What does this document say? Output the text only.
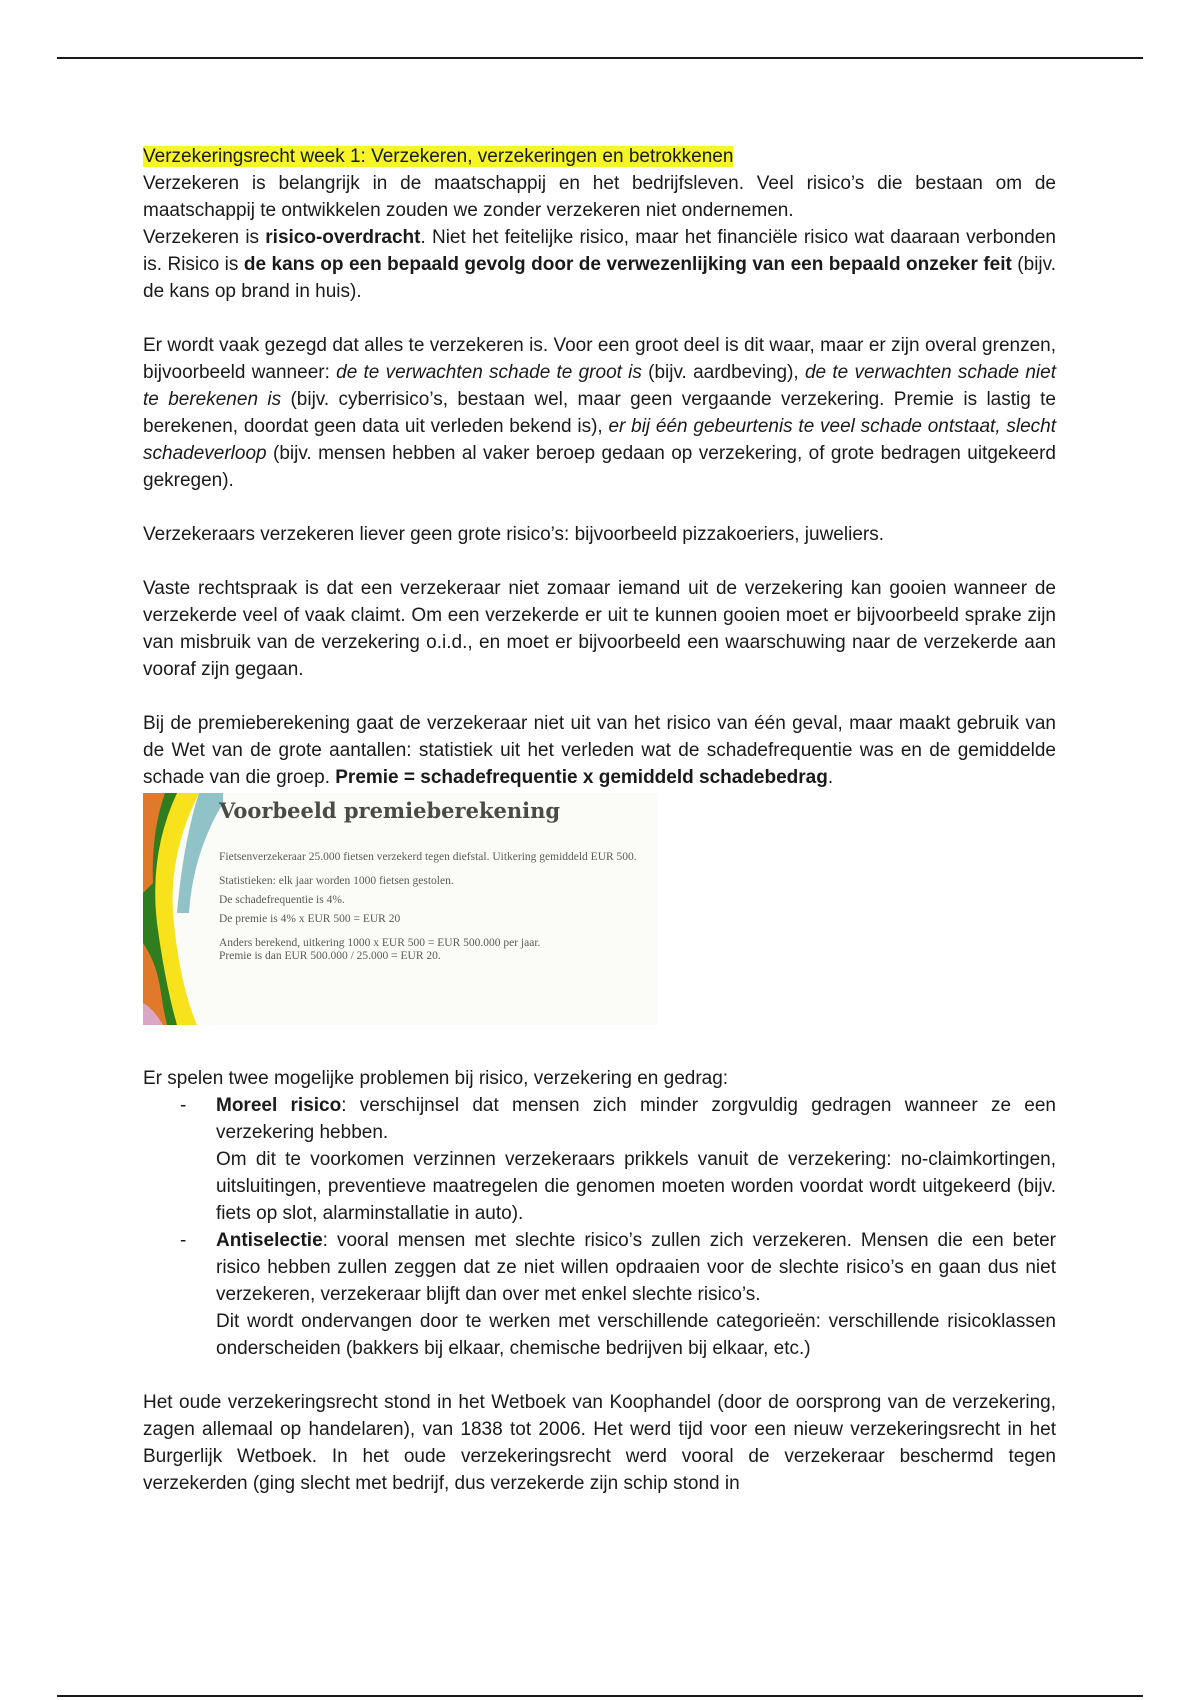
Verzekeringsrecht week 1: Verzekeren, verzekeringen en betrokkenen

Verzekeren is belangrijk in de maatschappij en het bedrijfsleven. Veel risico’s die bestaan om de maatschappij te ontwikkelen zouden we zonder verzekeren niet ondernemen.

Verzekeren is risico-overdracht. Niet het feitelijke risico, maar het financiële risico wat daaraan verbonden is. Risico is de kans op een bepaald gevolg door de verwezenlijking van een bepaald onzeker feit (bijv. de kans op brand in huis).

Er wordt vaak gezegd dat alles te verzekeren is. Voor een groot deel is dit waar, maar er zijn overal grenzen, bijvoorbeeld wanneer: de te verwachten schade te groot is (bijv. aardbeving), de te verwachten schade niet te berekenen is (bijv. cyberrisico’s, bestaan wel, maar geen vergaande verzekering. Premie is lastig te berekenen, doordat geen data uit verleden bekend is), er bij één gebeurtenis te veel schade ontstaat, slecht schadeverloop (bijv. mensen hebben al vaker beroep gedaan op verzekering, of grote bedragen uitgekeerd gekregen).

Verzekeraars verzekeren liever geen grote risico’s: bijvoorbeeld pizzakoeriers, juweliers.

Vaste rechtspraak is dat een verzekeraar niet zomaar iemand uit de verzekering kan gooien wanneer de verzekerde veel of vaak claimt. Om een verzekerde er uit te kunnen gooien moet er bijvoorbeeld sprake zijn van misbruik van de verzekering o.i.d., en moet er bijvoorbeeld een waarschuwing naar de verzekerde aan vooraf zijn gegaan.

Bij de premieberekening gaat de verzekeraar niet uit van het risico van één geval, maar maakt gebruik van de Wet van de grote aantallen: statistiek uit het verleden wat de schadefrequentie was en de gemiddelde schade van die groep. Premie = schadefrequentie x gemiddeld schadebedrag.

Voorbeeld premieberekening

Fietsenverzekeraar 25.000 fietsen verzekerd tegen diefstal. Uitkering gemiddeld EUR 500.

Statistieken: elk jaar worden 1000 fietsen gestolen.

De schadefrequentie is 4%.

De premie is 4% x EUR 500 = EUR 20

Anders berekend, uitkering 1000 x EUR 500 = EUR 500.000 per jaar.

Premie is dan EUR 500.000 / 25.000 = EUR 20.

Er spelen twee mogelijke problemen bij risico, verzekering en gedrag:

- Moreel risico: verschijnsel dat mensen zich minder zorgvuldig gedragen wanneer ze een verzekering hebben.

Om dit te voorkomen verzinnen verzekeraars prikkels vanuit de verzekering: no-claimkortingen, uitsluitingen, preventieve maatregelen die genomen moeten worden voordat wordt uitgekeerd (bijv. fiets op slot, alarminstallatie in auto).

- Antiselectie: vooral mensen met slechte risico’s zullen zich verzekeren. Mensen die een beter risico hebben zullen zeggen dat ze niet willen opdraaien voor de slechte risico’s en gaan dus niet verzekeren, verzekeraar blijft dan over met enkel slechte risico’s.

Dit wordt ondervangen door te werken met verschillende categorieën: verschillende risicoklassen onderscheiden (bakkers bij elkaar, chemische bedrijven bij elkaar, etc.)

Het oude verzekeringsrecht stond in het Wetboek van Koophandel (door de oorsprong van de verzekering, zagen allemaal op handelaren), van 1838 tot 2006. Het werd tijd voor een nieuw verzekeringsrecht in het Burgerlijk Wetboek. In het oude verzekeringsrecht werd vooral de verzekeraar beschermd tegen verzekerden (ging slecht met bedrijf, dus verzekerde zijn schip stond in
